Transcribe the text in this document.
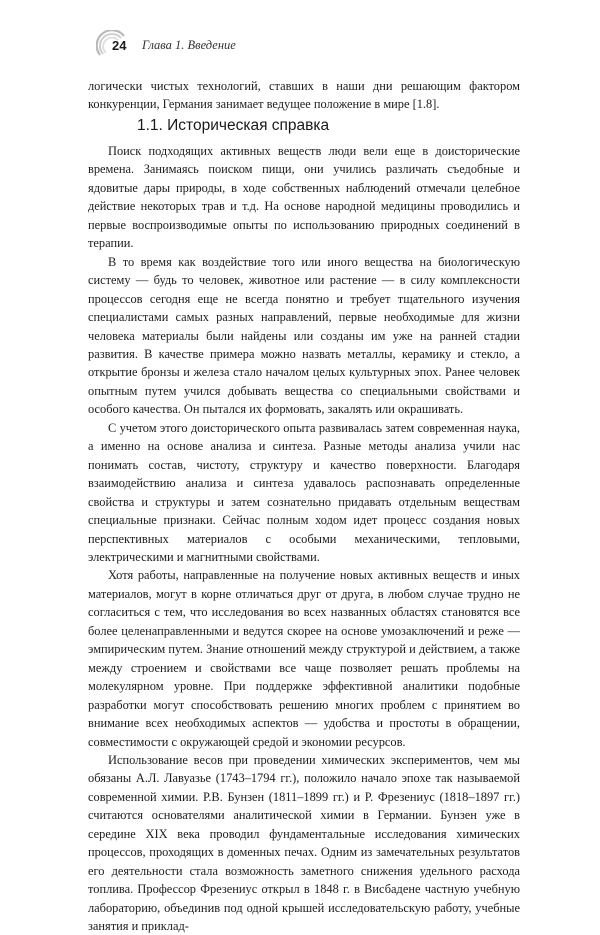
24 Глава 1. Введение

логически чистых технологий, ставших в наши дни решающим фактором конкуренции, Германия занимает ведущее положение в мире [1.8].

1.1. Историческая справка

Поиск подходящих активных веществ люди вели еще в доисторические времена. Занимаясь поиском пищи, они учились различать съедобные и ядовитые дары природы, в ходе собственных наблюдений отмечали целебное действие некоторых трав и т.д. На основе народной медицины проводились и первые воспроизводимые опыты по использованию природных соединений в терапии.

В то время как воздействие того или иного вещества на биологическую систему — будь то человек, животное или растение — в силу комплексности процессов сегодня еще не всегда понятно и требует тщательного изучения специалистами самых разных направлений, первые необходимые для жизни человека материалы были найдены или созданы им уже на ранней стадии развития. В качестве примера можно назвать металлы, керамику и стекло, а открытие бронзы и железа стало началом целых культурных эпох. Ранее человек опытным путем учился добывать вещества со специальными свойствами и особого качества. Он пытался их формовать, закалять или окрашивать.

С учетом этого доисторического опыта развивалась затем современная наука, а именно на основе анализа и синтеза. Разные методы анализа учили нас понимать состав, чистоту, структуру и качество поверхности. Благодаря взаимодействию анализа и синтеза удавалось распознавать определенные свойства и структуры и затем сознательно придавать отдельным веществам специальные признаки. Сейчас полным ходом идет процесс создания новых перспективных материалов с особыми механическими, тепловыми, электрическими и магнитными свойствами.

Хотя работы, направленные на получение новых активных веществ и иных материалов, могут в корне отличаться друг от друга, в любом случае трудно не согласиться с тем, что исследования во всех названных областях становятся все более целенаправленными и ведутся скорее на основе умозаключений и реже — эмпирическим путем. Знание отношений между структурой и действием, а также между строением и свойствами все чаще позволяет решать проблемы на молекулярном уровне. При поддержке эффективной аналитики подобные разработки могут способствовать решению многих проблем с принятием во внимание всех необходимых аспектов — удобства и простоты в обращении, совместимости с окружающей средой и экономии ресурсов.

Использование весов при проведении химических экспериментов, чем мы обязаны А.Л. Лавуазье (1743–1794 гг.), положило начало эпохе так называемой современной химии. Р.В. Бунзен (1811–1899 гг.) и Р. Фрезениус (1818–1897 гг.) считаются основателями аналитической химии в Германии. Бунзен уже в середине XIX века проводил фундаментальные исследования химических процессов, проходящих в доменных печах. Одним из замечательных результатов его деятельности стала возможность заметного снижения удельного расхода топлива. Профессор Фрезениус открыл в 1848 г. в Висбадене частную учебную лабораторию, объединив под одной крышей исследовательскую работу, учебные занятия и приклад-
